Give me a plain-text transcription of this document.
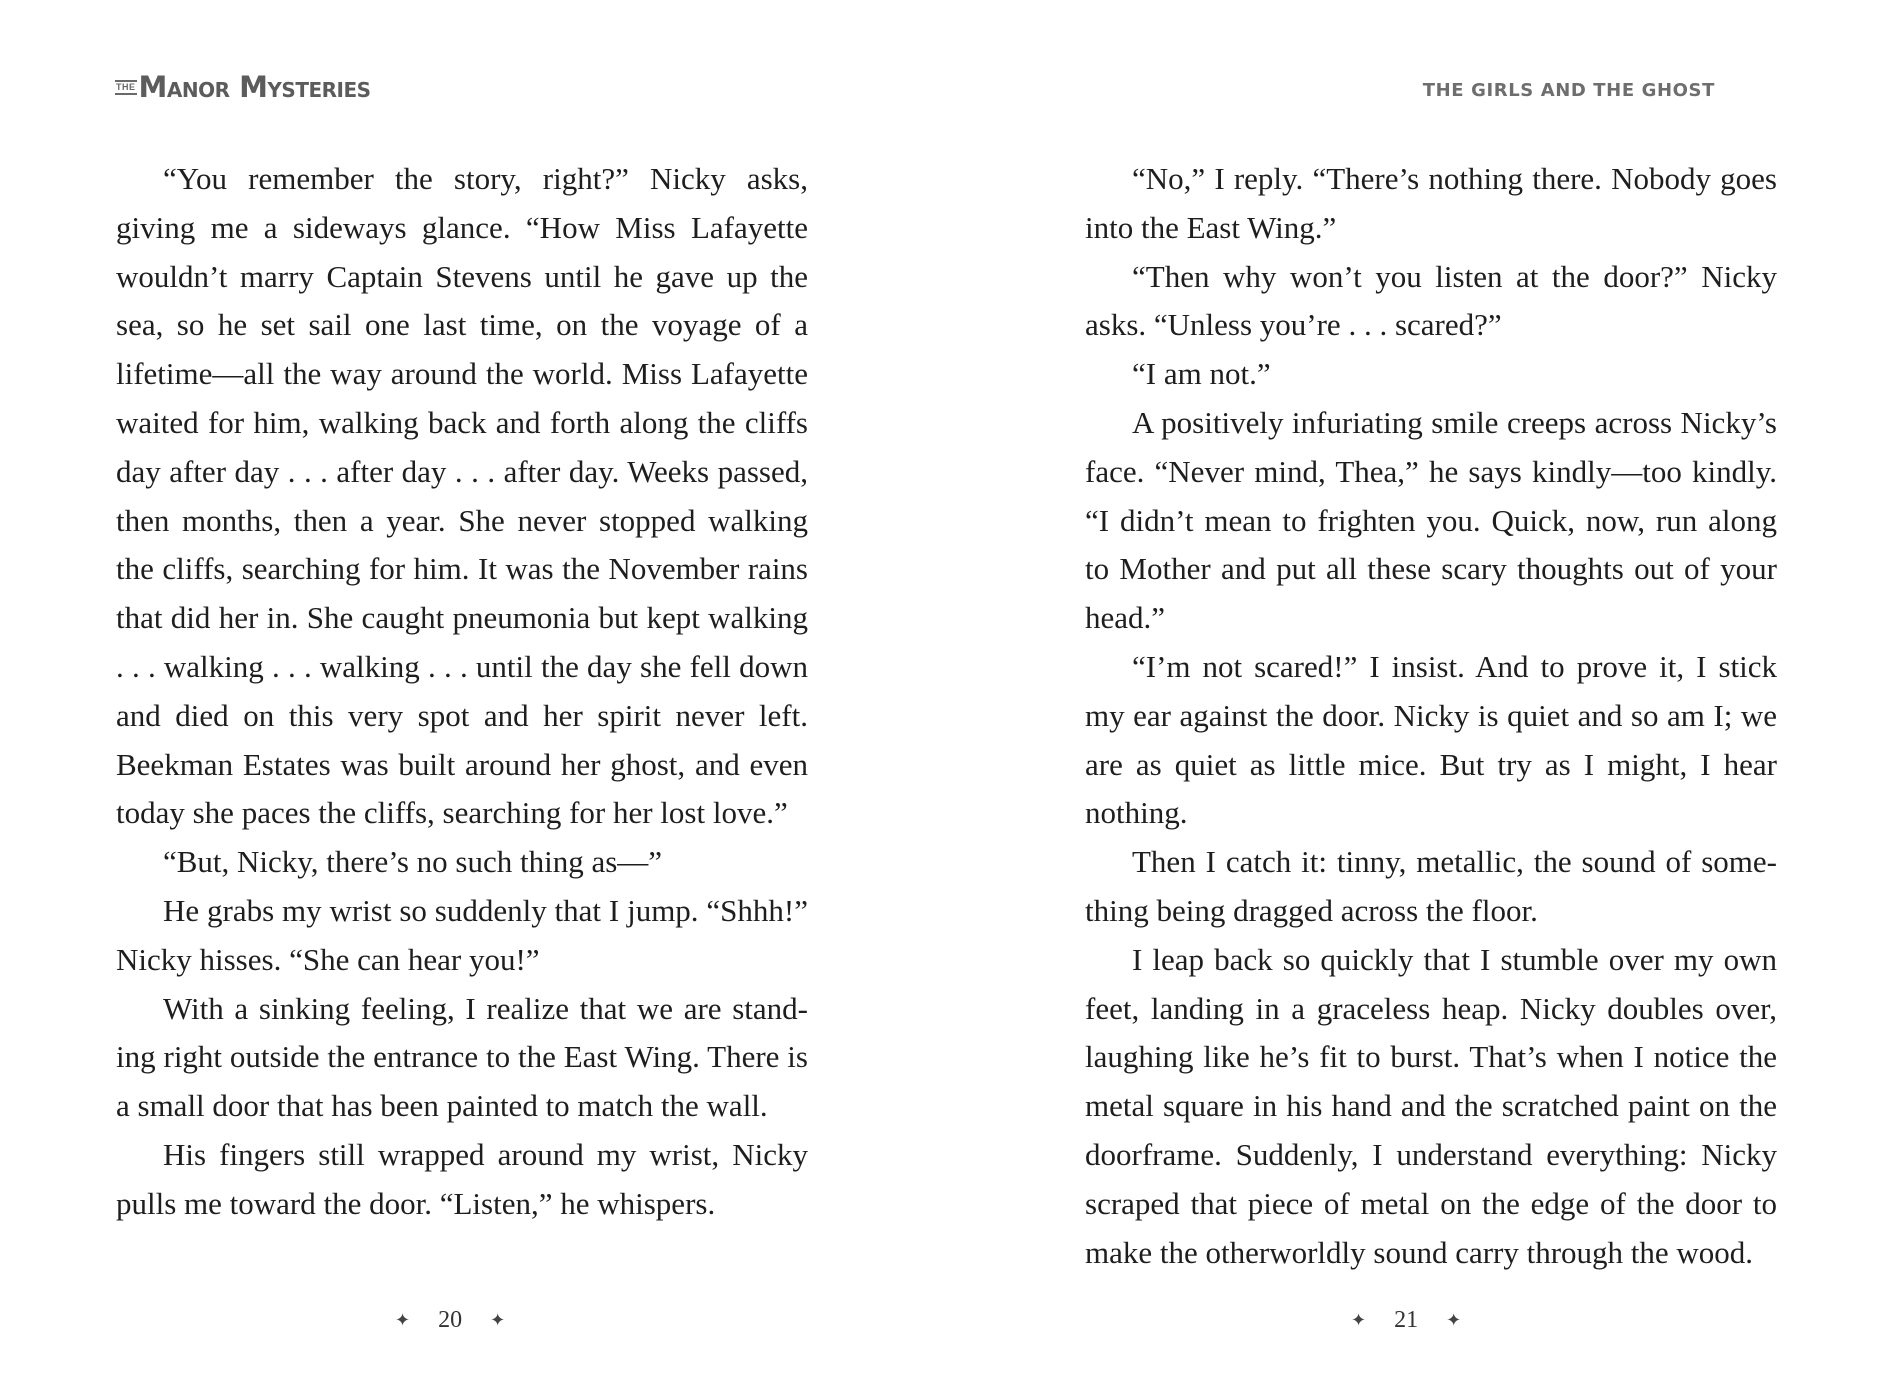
THE Manor Mysteries

“You remember the story, right?” Nicky asks, giving me a sideways glance. “How Miss Lafayette wouldn’t marry Captain Stevens until he gave up the sea, so he set sail one last time, on the voyage of a lifetime—all the way around the world. Miss Lafayette waited for him, walking back and forth along the cliffs day after day . . . after day . . . after day. Weeks passed, then months, then a year. She never stopped walking the cliffs, searching for him. It was the November rains that did her in. She caught pneumonia but kept walking . . . walking . . . walking . . . until the day she fell down and died on this very spot and her spirit never left. Beekman Estates was built around her ghost, and even today she paces the cliffs, searching for her lost love.”

“But, Nicky, there’s no such thing as—”

He grabs my wrist so suddenly that I jump. “Shhh!” Nicky hisses. “She can hear you!”

With a sinking feeling, I realize that we are standing right outside the entrance to the East Wing. There is a small door that has been painted to match the wall.

His fingers still wrapped around my wrist, Nicky pulls me toward the door. “Listen,” he whispers.

✦ 20 ✦
THE GIRLS AND THE GHOST

“No,” I reply. “There’s nothing there. Nobody goes into the East Wing.”

“Then why won’t you listen at the door?” Nicky asks. “Unless you’re . . . scared?”

“I am not.”

A positively infuriating smile creeps across Nicky’s face. “Never mind, Thea,” he says kindly—too kindly. “I didn’t mean to frighten you. Quick, now, run along to Mother and put all these scary thoughts out of your head.”

“I’m not scared!” I insist. And to prove it, I stick my ear against the door. Nicky is quiet and so am I; we are as quiet as little mice. But try as I might, I hear nothing.

Then I catch it: tinny, metallic, the sound of something being dragged across the floor.

I leap back so quickly that I stumble over my own feet, landing in a graceless heap. Nicky doubles over, laughing like he’s fit to burst. That’s when I notice the metal square in his hand and the scratched paint on the doorframe. Suddenly, I understand everything: Nicky scraped that piece of metal on the edge of the door to make the otherworldly sound carry through the wood.

✦ 21 ✦
